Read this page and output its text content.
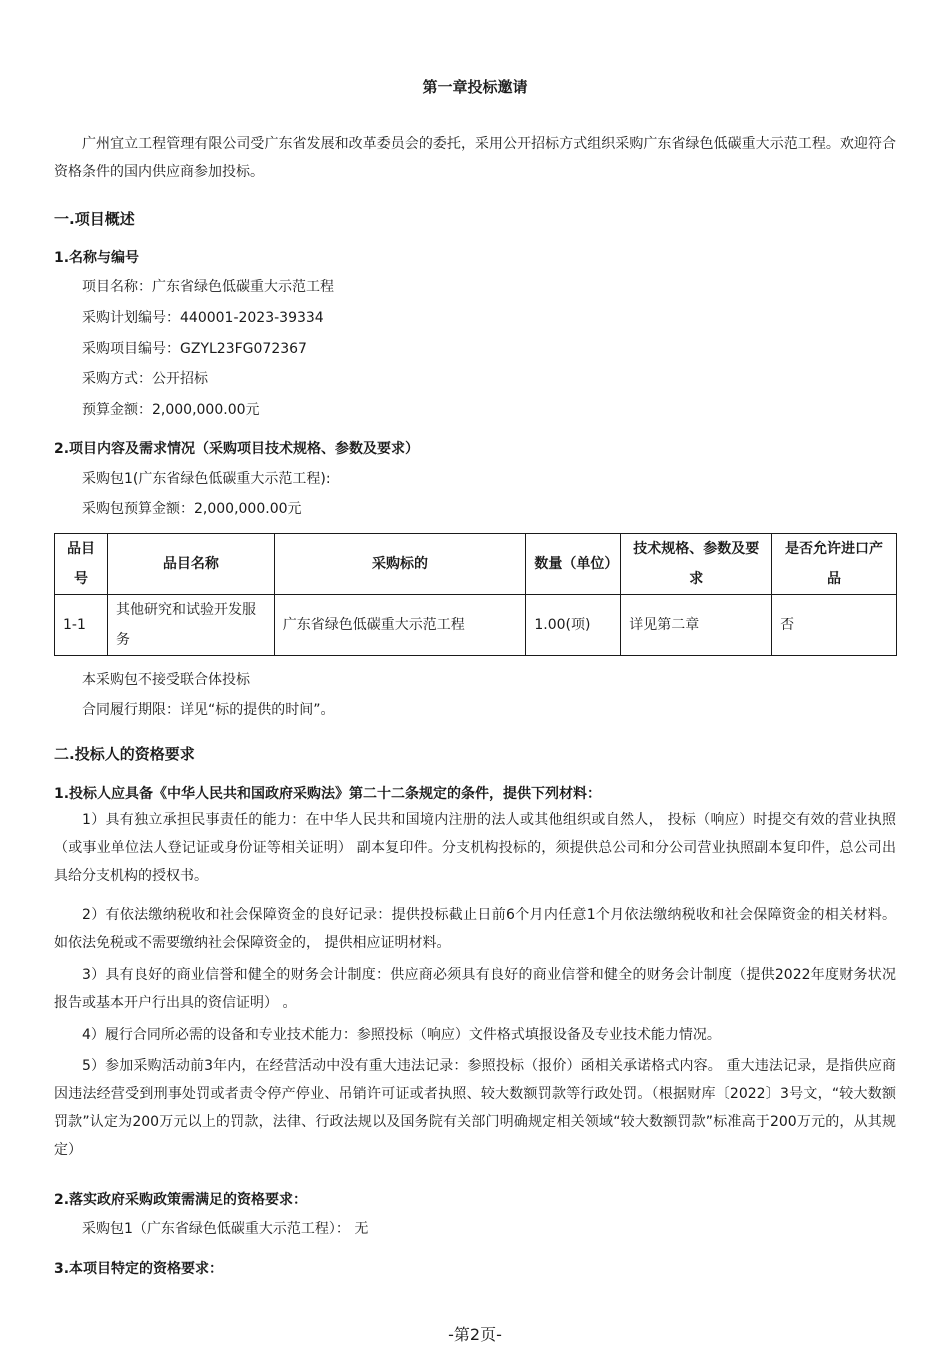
第一章投标邀请
广州宜立工程管理有限公司受广东省发展和改革委员会的委托，采用公开招标方式组织采购广东省绿色低碳重大示范工程。欢迎符合资格条件的国内供应商参加投标。
一.项目概述
1.名称与编号
项目名称：广东省绿色低碳重大示范工程
采购计划编号：440001-2023-39334
采购项目编号：GZYL23FG072367
采购方式：公开招标
预算金额：2,000,000.00元
2.项目内容及需求情况（采购项目技术规格、参数及要求）
采购包1(广东省绿色低碳重大示范工程):
采购包预算金额：2,000,000.00元
品目号	品目名称	采购标的	数量（单位）	技术规格、参数及要求	是否允许进口产品
1-1	其他研究和试验开发服务	广东省绿色低碳重大示范工程	1.00(项)	详见第二章	否
本采购包不接受联合体投标
合同履行期限：详见“标的提供的时间”。
二.投标人的资格要求
1.投标人应具备《中华人民共和国政府采购法》第二十二条规定的条件，提供下列材料：
1）具有独立承担民事责任的能力：在中华人民共和国境内注册的法人或其他组织或自然人， 投标（响应）时提交有效的营业执照（或事业单位法人登记证或身份证等相关证明） 副本复印件。分支机构投标的，须提供总公司和分公司营业执照副本复印件，总公司出具给分支机构的授权书。
2）有依法缴纳税收和社会保障资金的良好记录：提供投标截止日前6个月内任意1个月依法缴纳税收和社会保障资金的相关材料。 如依法免税或不需要缴纳社会保障资金的， 提供相应证明材料。
3）具有良好的商业信誉和健全的财务会计制度：供应商必须具有良好的商业信誉和健全的财务会计制度（提供2022年度财务状况报告或基本开户行出具的资信证明） 。
4）履行合同所必需的设备和专业技术能力：参照投标（响应）文件格式填报设备及专业技术能力情况。
5）参加采购活动前3年内，在经营活动中没有重大违法记录：参照投标（报价）函相关承诺格式内容。 重大违法记录，是指供应商因违法经营受到刑事处罚或者责令停产停业、吊销许可证或者执照、较大数额罚款等行政处罚。（根据财库〔2022〕3号文，“较大数额罚款”认定为200万元以上的罚款，法律、行政法规以及国务院有关部门明确规定相关领域“较大数额罚款”标准高于200万元的，从其规定）
2.落实政府采购政策需满足的资格要求：
采购包1（广东省绿色低碳重大示范工程）： 无
3.本项目特定的资格要求：
-第2页-
